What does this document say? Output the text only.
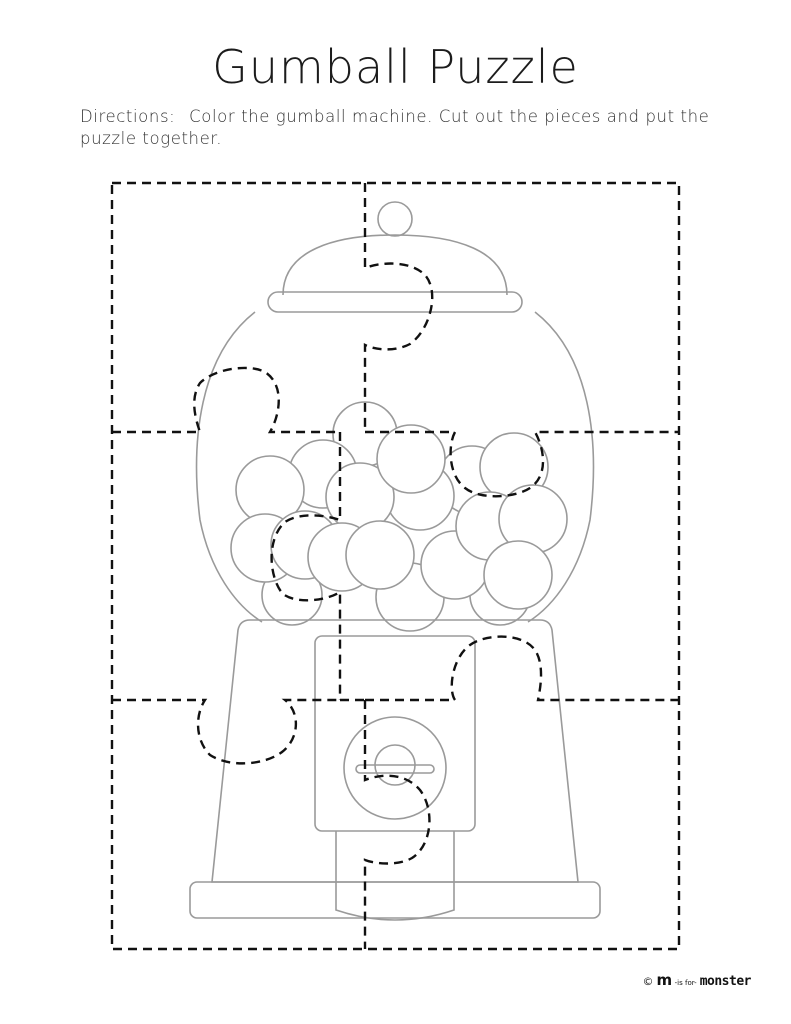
Gumball Puzzle
Directions: Color the gumball machine. Cut out the pieces and put the puzzle together.
© m -is for- monster
